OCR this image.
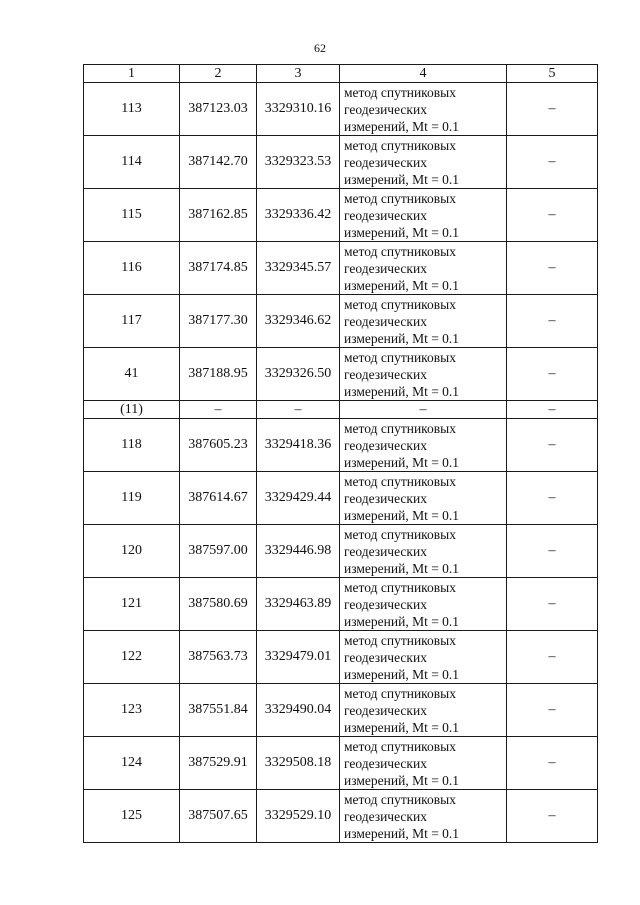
62
1	2	3	4	5
113	387123.03	3329310.16	метод спутниковых
геодезических
измерений, Mt = 0.1	–
114	387142.70	3329323.53	метод спутниковых
геодезических
измерений, Mt = 0.1	–
115	387162.85	3329336.42	метод спутниковых
геодезических
измерений, Mt = 0.1	–
116	387174.85	3329345.57	метод спутниковых
геодезических
измерений, Mt = 0.1	–
117	387177.30	3329346.62	метод спутниковых
геодезических
измерений, Mt = 0.1	–
41	387188.95	3329326.50	метод спутниковых
геодезических
измерений, Mt = 0.1	–
(11)	–	–	–	–
118	387605.23	3329418.36	метод спутниковых
геодезических
измерений, Mt = 0.1	–
119	387614.67	3329429.44	метод спутниковых
геодезических
измерений, Mt = 0.1	–
120	387597.00	3329446.98	метод спутниковых
геодезических
измерений, Mt = 0.1	–
121	387580.69	3329463.89	метод спутниковых
геодезических
измерений, Mt = 0.1	–
122	387563.73	3329479.01	метод спутниковых
геодезических
измерений, Mt = 0.1	–
123	387551.84	3329490.04	метод спутниковых
геодезических
измерений, Mt = 0.1	–
124	387529.91	3329508.18	метод спутниковых
геодезических
измерений, Mt = 0.1	–
125	387507.65	3329529.10	метод спутниковых
геодезических
измерений, Mt = 0.1	–
